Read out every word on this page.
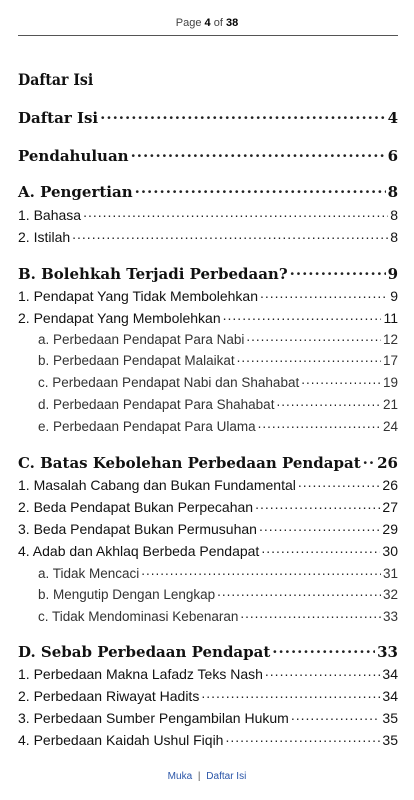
Page 4 of 38
Daftar Isi
Daftar Isi .....	4
Pendahuluan .....	6
A. Pengertian .....	8
1. Bahasa .....	8
2. Istilah .....	8
B. Bolehkah Terjadi Perbedaan? .....	9
1. Pendapat Yang Tidak Membolehkan .....	9
2. Pendapat Yang Membolehkan .....	11
a. Perbedaan Pendapat Para Nabi .....	12
b. Perbedaan Pendapat Malaikat .....	17
c. Perbedaan Pendapat Nabi dan Shahabat .....	19
d. Perbedaan Pendapat Para Shahabat .....	21
e. Perbedaan Pendapat Para Ulama .....	24
C. Batas Kebolehan Perbedaan Pendapat ..... 26
1. Masalah Cabang dan Bukan Fundamental .....	26
2. Beda Pendapat Bukan Perpecahan .....	27
3. Beda Pendapat Bukan Permusuhan .....	29
4. Adab dan Akhlaq Berbeda Pendapat .....	30
a. Tidak Mencaci .....	31
b. Mengutip Dengan Lengkap .....	32
c. Tidak Mendominasi Kebenaran .....	33
D. Sebab Perbedaan Pendapat .....	33
1. Perbedaan Makna Lafadz Teks Nash .....	34
2. Perbedaan Riwayat Hadits .....	34
3. Perbedaan Sumber Pengambilan Hukum .....	35
4. Perbedaan Kaidah Ushul Fiqih .....	35
Muka | Daftar Isi
